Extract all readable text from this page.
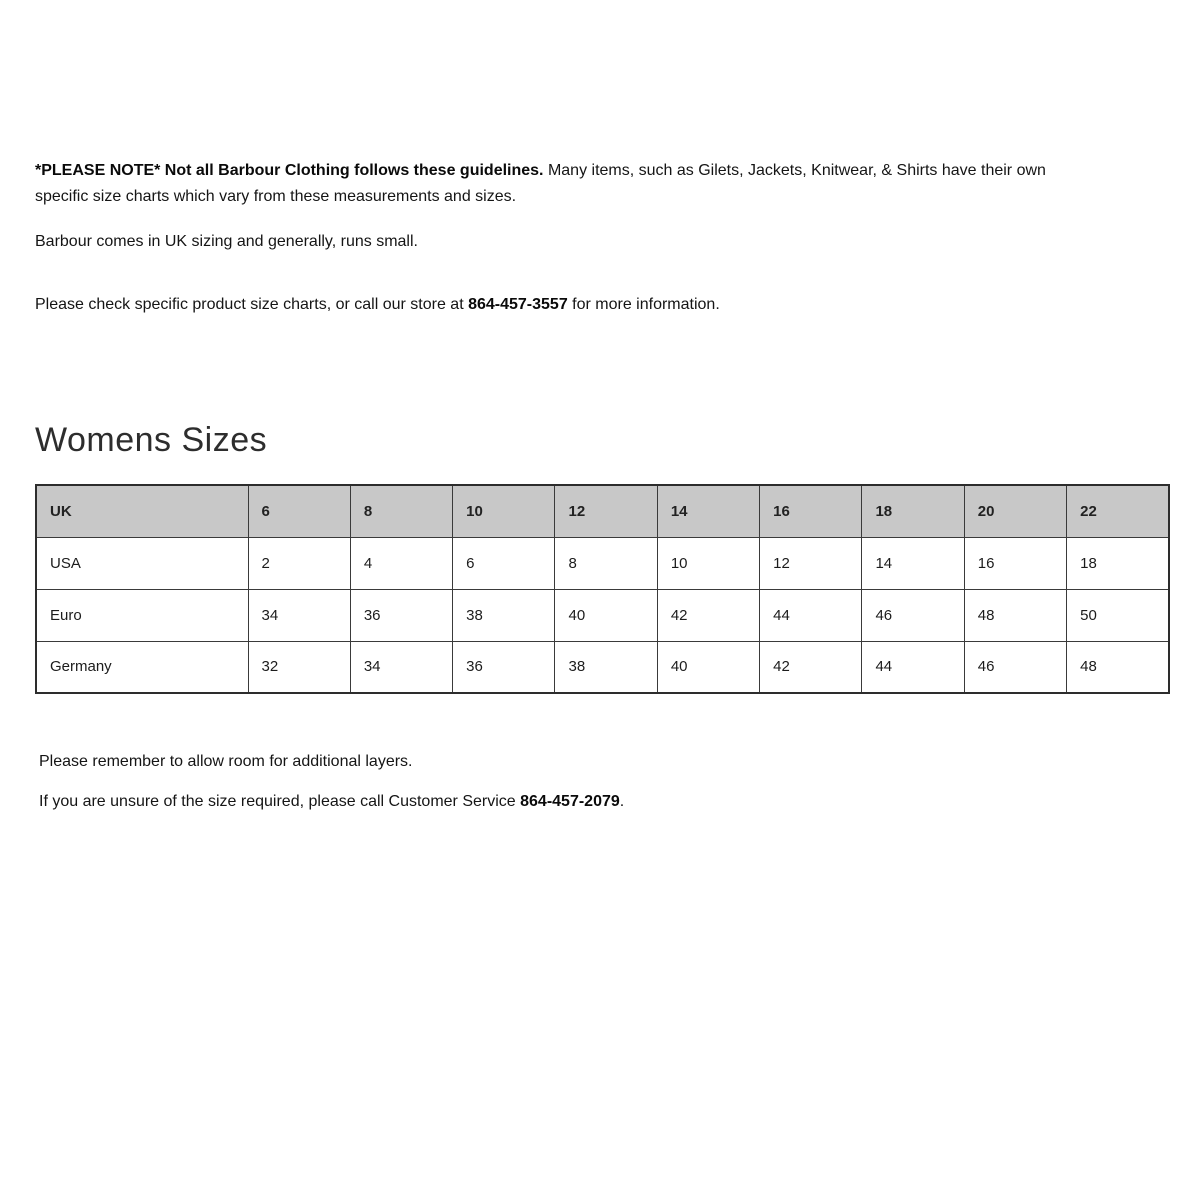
*PLEASE NOTE* Not all Barbour Clothing follows these guidelines. Many items, such as Gilets, Jackets, Knitwear, & Shirts have their own specific size charts which vary from these measurements and sizes.

Barbour comes in UK sizing and generally, runs small.

Please check specific product size charts, or call our store at 864-457-3557 for more information.

Womens Sizes
UK	6	8	10	12	14	16	18	20	22
USA	2	4	6	8	10	12	14	16	18
Euro	34	36	38	40	42	44	46	48	50
Germany	32	34	36	38	40	42	44	46	48

Please remember to allow room for additional layers.

If you are unsure of the size required, please call Customer Service 864-457-2079.
